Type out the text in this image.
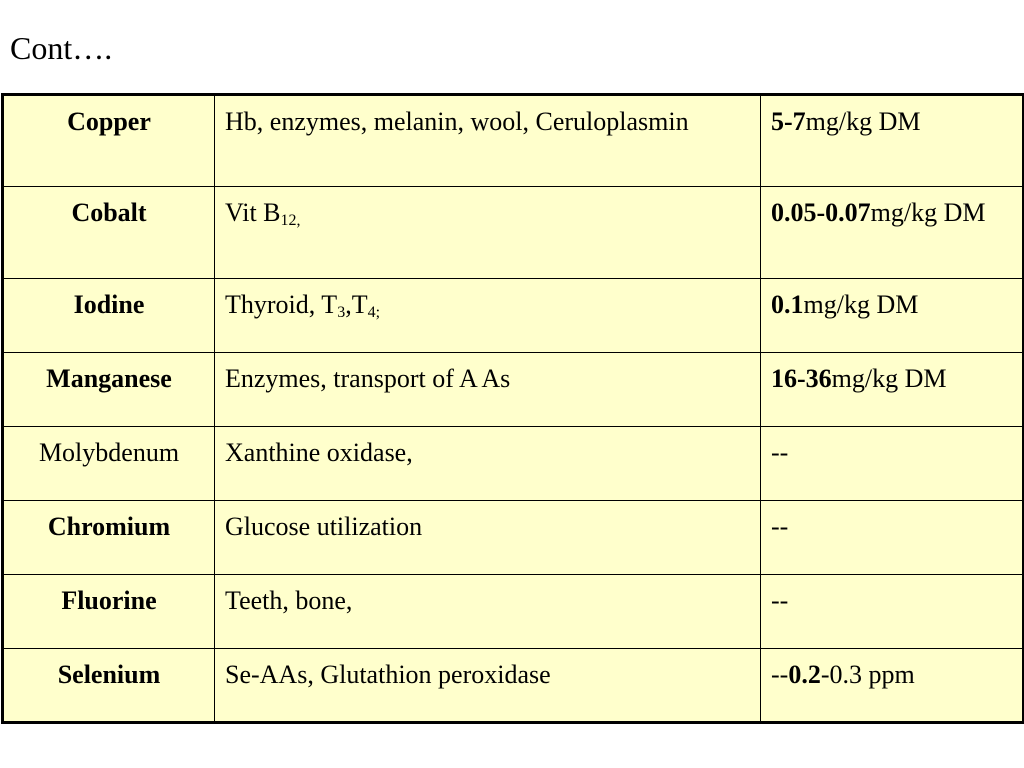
Cont….
Copper	Hb, enzymes, melanin, wool, Ceruloplasmin	5-7mg/kg DM
Cobalt	Vit $B_{12,}$	0.05-0.07mg/kg DM
Iodine	Thyroid, $T_3,T_{4;}$	0.1mg/kg DM
Manganese	Enzymes, transport of A As	16-36mg/kg DM
Molybdenum	Xanthine oxidase,	--
Chromium	Glucose utilization	--
Fluorine	Teeth, bone,	--
Selenium	Se-AAs, Glutathion peroxidase	--0.2-0.3 ppm
